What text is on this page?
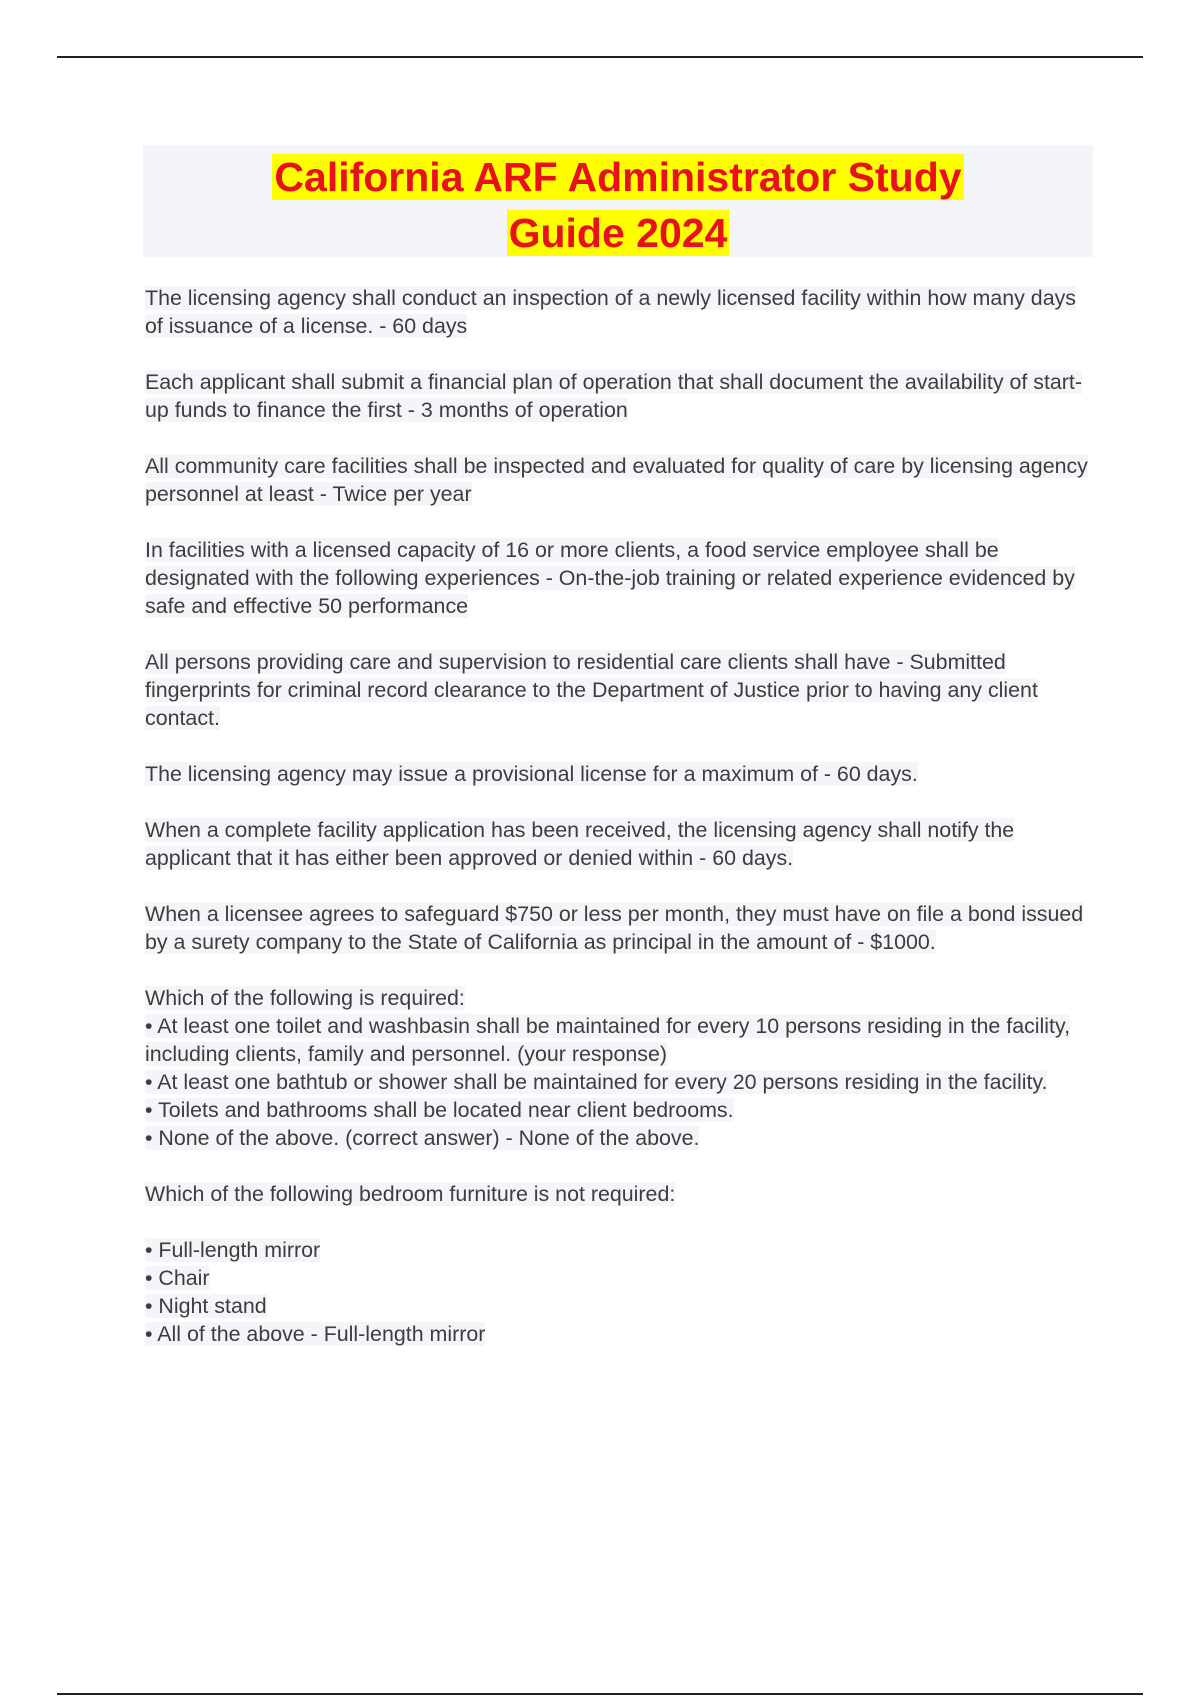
California ARF Administrator Study
Guide 2024

The licensing agency shall conduct an inspection of a newly licensed facility within how many days of issuance of a license. - 60 days

Each applicant shall submit a financial plan of operation that shall document the availability of start-up funds to finance the first - 3 months of operation

All community care facilities shall be inspected and evaluated for quality of care by licensing agency personnel at least - Twice per year

In facilities with a licensed capacity of 16 or more clients, a food service employee shall be designated with the following experiences - On-the-job training or related experience evidenced by safe and effective 50 performance

All persons providing care and supervision to residential care clients shall have - Submitted fingerprints for criminal record clearance to the Department of Justice prior to having any client contact.

The licensing agency may issue a provisional license for a maximum of - 60 days.

When a complete facility application has been received, the licensing agency shall notify the applicant that it has either been approved or denied within - 60 days.

When a licensee agrees to safeguard $750 or less per month, they must have on file a bond issued by a surety company to the State of California as principal in the amount of - $1000.

Which of the following is required:
• At least one toilet and washbasin shall be maintained for every 10 persons residing in the facility, including clients, family and personnel. (your response)
• At least one bathtub or shower shall be maintained for every 20 persons residing in the facility.
• Toilets and bathrooms shall be located near client bedrooms.
• None of the above. (correct answer) - None of the above.
Which of the following bedroom furniture is not required:
• Full-length mirror
• Chair
• Night stand
• All of the above - Full-length mirror
